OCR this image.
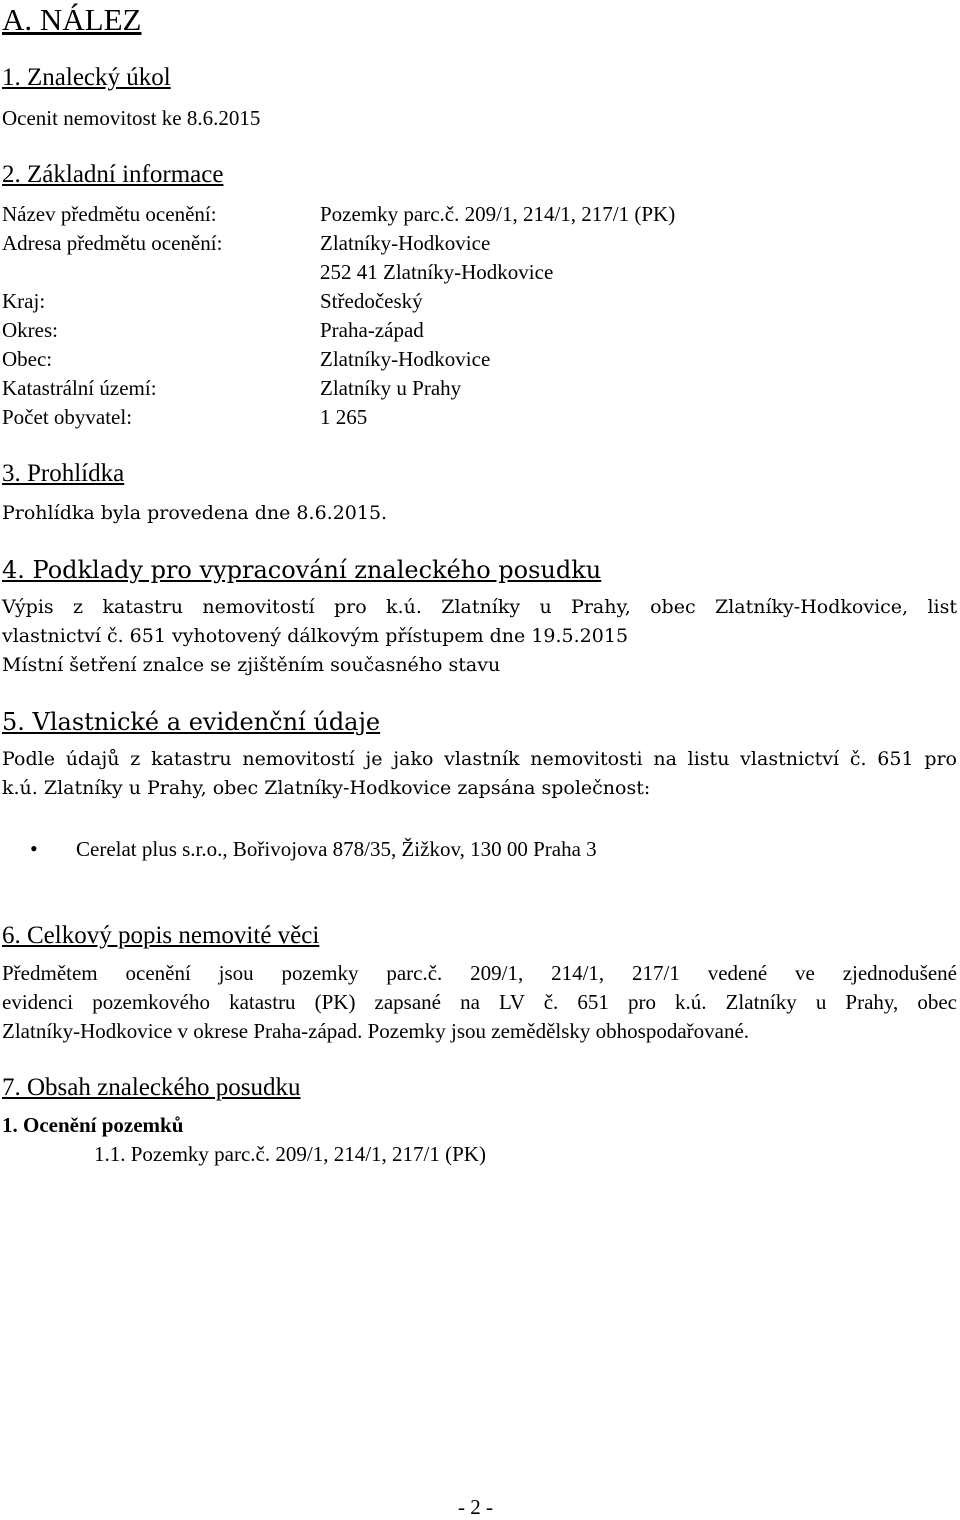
A. NÁLEZ
1. Znalecký úkol
Ocenit nemovitost ke 8.6.2015
2. Základní informace
Název předmětu ocenění:	Pozemky parc.č. 209/1, 214/1, 217/1 (PK)
Adresa předmětu ocenění:	Zlatníky-Hodkovice
252 41 Zlatníky-Hodkovice
Kraj:	Středočeský
Okres:	Praha-západ
Obec:	Zlatníky-Hodkovice
Katastrální území:	Zlatníky u Prahy
Počet obyvatel:	1 265
3. Prohlídka
Prohlídka byla provedena dne 8.6.2015.
4. Podklady pro vypracování znaleckého posudku
Výpis z katastru nemovitostí pro k.ú. Zlatníky u Prahy, obec Zlatníky-Hodkovice, list
vlastnictví č. 651 vyhotovený dálkovým přístupem dne 19.5.2015
Místní šetření znalce se zjištěním současného stavu
5. Vlastnické a evidenční údaje
Podle údajů z katastru nemovitostí je jako vlastník nemovitosti na listu vlastnictví č. 651 pro
k.ú. Zlatníky u Prahy, obec Zlatníky-Hodkovice zapsána společnost:
• Cerelat plus s.r.o., Bořivojova 878/35, Žižkov, 130 00 Praha 3
6. Celkový popis nemovité věci
Předmětem ocenění jsou pozemky parc.č. 209/1, 214/1, 217/1 vedené ve zjednodušené
evidenci pozemkového katastru (PK) zapsané na LV č. 651 pro k.ú. Zlatníky u Prahy, obec
Zlatníky-Hodkovice v okrese Praha-západ. Pozemky jsou zemědělsky obhospodařované.
7. Obsah znaleckého posudku
1. Ocenění pozemků
1.1. Pozemky parc.č. 209/1, 214/1, 217/1 (PK)
- 2 -
